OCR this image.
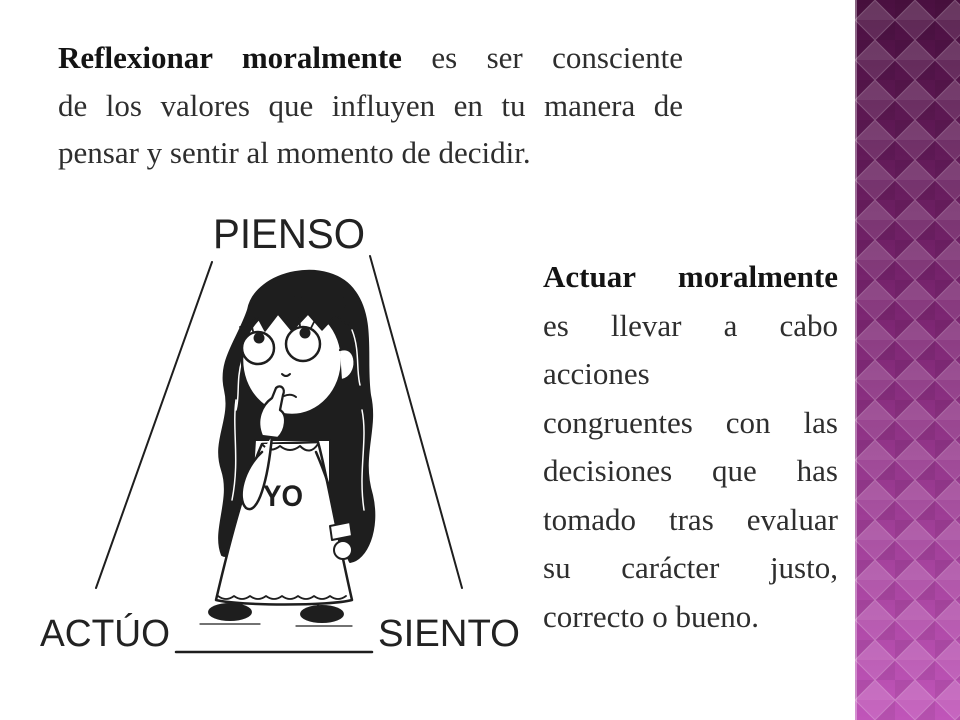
Reflexionar moralmente es ser consciente
de los valores que influyen en tu manera de
pensar y sentir al momento de decidir.
Actuar moralmente
es llevar a cabo
acciones
congruentes con las
decisiones que has
tomado tras evaluar
su carácter justo,
correcto o bueno.
YO
PIENSO
ACTÚO	SIENTO
